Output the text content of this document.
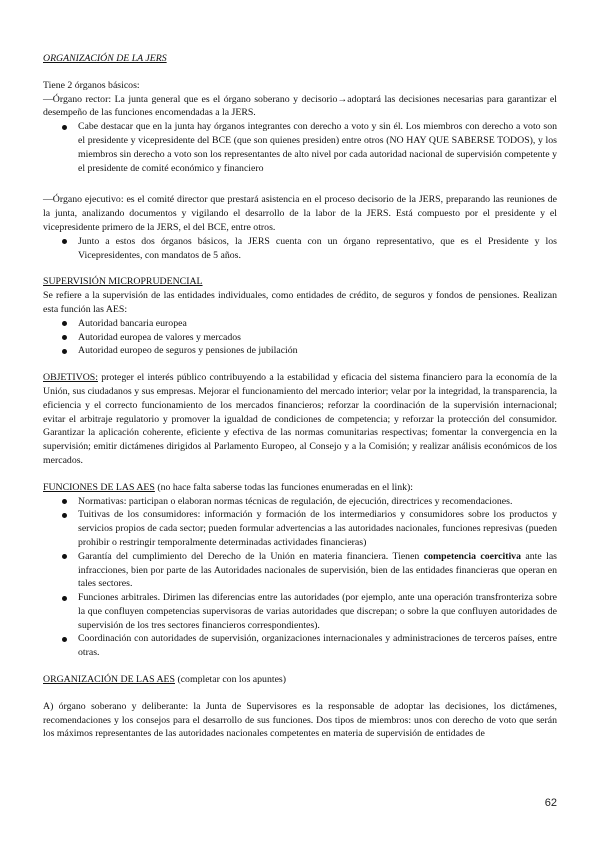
ORGANIZACIÓN DE LA JERS

Tiene 2 órganos básicos:

—Órgano rector: La junta general que es el órgano soberano y decisorio→adoptará las decisiones necesarias para garantizar el desempeño de las funciones encomendadas a la JERS.

Cabe destacar que en la junta hay órganos integrantes con derecho a voto y sin él. Los miembros con derecho a voto son el presidente y vicepresidente del BCE (que son quienes presiden) entre otros (NO HAY QUE SABERSE TODOS), y los miembros sin derecho a voto son los representantes de alto nivel por cada autoridad nacional de supervisión competente y el presidente de comité económico y financiero

—Órgano ejecutivo: es el comité director que prestará asistencia en el proceso decisorio de la JERS, preparando las reuniones de la junta, analizando documentos y vigilando el desarrollo de la labor de la JERS. Está compuesto por el presidente y el vicepresidente primero de la JERS, el del BCE, entre otros.

Junto a estos dos órganos básicos, la JERS cuenta con un órgano representativo, que es el Presidente y los Vicepresidentes, con mandatos de 5 años.

SUPERVISIÓN MICROPRUDENCIAL

Se refiere a la supervisión de las entidades individuales, como entidades de crédito, de seguros y fondos de pensiones. Realizan esta función las AES:

Autoridad bancaria europea
Autoridad europea de valores y mercados
Autoridad europeo de seguros y pensiones de jubilación

OBJETIVOS: proteger el interés público contribuyendo a la estabilidad y eficacia del sistema financiero para la economía de la Unión, sus ciudadanos y sus empresas. Mejorar el funcionamiento del mercado interior; velar por la integridad, la transparencia, la eficiencia y el correcto funcionamiento de los mercados financieros; reforzar la coordinación de la supervisión internacional; evitar el arbitraje regulatorio y promover la igualdad de condiciones de competencia; y reforzar la protección del consumidor. Garantizar la aplicación coherente, eficiente y efectiva de las normas comunitarias respectivas; fomentar la convergencia en la supervisión; emitir dictámenes dirigidos al Parlamento Europeo, al Consejo y a la Comisión; y realizar análisis económicos de los mercados.

FUNCIONES DE LAS AES (no hace falta saberse todas las funciones enumeradas en el link):

Normativas: participan o elaboran normas técnicas de regulación, de ejecución, directrices y recomendaciones.
Tuitivas de los consumidores: información y formación de los intermediarios y consumidores sobre los productos y servicios propios de cada sector; pueden formular advertencias a las autoridades nacionales, funciones represivas (pueden prohibir o restringir temporalmente determinadas actividades financieras)
Garantía del cumplimiento del Derecho de la Unión en materia financiera. Tienen competencia coercitiva ante las infracciones, bien por parte de las Autoridades nacionales de supervisión, bien de las entidades financieras que operan en tales sectores.
Funciones arbitrales. Dirimen las diferencias entre las autoridades (por ejemplo, ante una operación transfronteriza sobre la que confluyen competencias supervisoras de varias autoridades que discrepan; o sobre la que confluyen autoridades de supervisión de los tres sectores financieros correspondientes).
Coordinación con autoridades de supervisión, organizaciones internacionales y administraciones de terceros países, entre otras.

ORGANIZACIÓN DE LAS AES (completar con los apuntes)

A) órgano soberano y deliberante: la Junta de Supervisores es la responsable de adoptar las decisiones, los dictámenes, recomendaciones y los consejos para el desarrollo de sus funciones. Dos tipos de miembros: unos con derecho de voto que serán los máximos representantes de las autoridades nacionales competentes en materia de supervisión de entidades de

62
